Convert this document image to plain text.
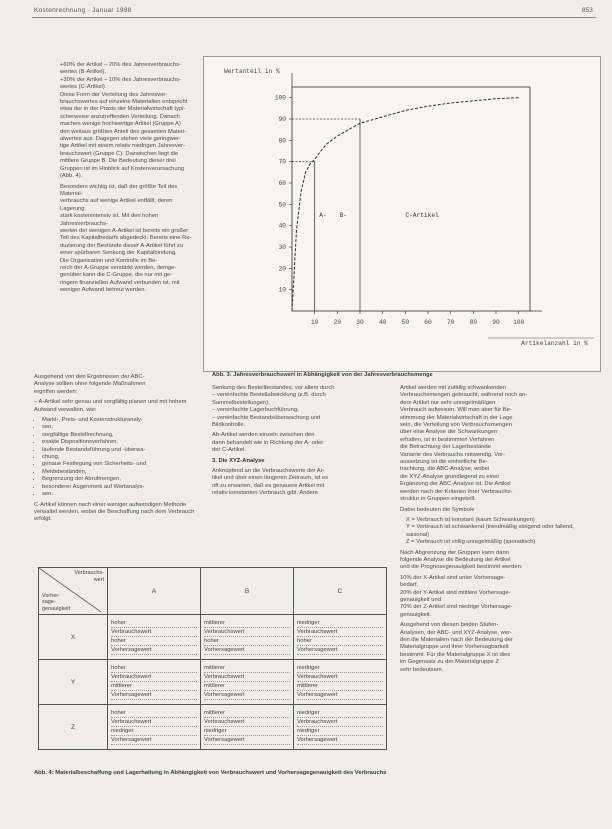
Kostenrechnung · Januar 1988	853

+60% der Artikel – 20% des Jahresverbrauchs-
wertes (B-Artikel),
+30% der Artikel – 10% des Jahresverbrauchs-
wertes (C-Artikel).
Diese Form der Verteilung des Jahresver-
brauchswertes auf einzelne Materialien entspricht
etwa der in der Praxis der Materialwirtschaft typi-
scherweise anzutreffenden Verteilung. Danach
machen wenige hochwertige Artikel (Gruppe A)
den weitaus größten Anteil des gesamten Materi-
alwertes aus. Dagegen stehen viele geringwer-
tige Artikel mit einem relativ niedrigen Jahresver-
brauchswert (Gruppe C). Dazwischen liegt die
mittlere Gruppe B. Die Bedeutung dieser drei
Gruppen ist im Hinblick auf Kostenverursachung
(Abb. 4).

Besonders wichtig ist, daß der größte Teil des Material-
verbrauchs auf wenige Artikel entfällt, deren Lagerung
stark kostenintensiv ist. Mit den hohen Jahresverbrauchs-
werten der wenigen A-Artikel ist bereits ein großer
Teil des Kapitalbedarfs abgedeckt. Bereits eine Re-
duzierung der Bestände dieser A-Artikel führt zu
einer spürbaren Senkung der Kapitalbindung.
Die Organisation und Kontrolle im Be-
reich der A-Gruppe verstärkt werden, demge-
genüber kann die C-Gruppe, die nur mit ge-
ringem finanziellen Aufwand verbunden ist, mit
weniger Aufwand betreut werden.

Ausgehend von den Ergebnissen der ABC-
Analyse sollten ohne folgende Maßnahmen
ergriffen werden:

– A-Artikel sehr genau und sorgfältig planen und mit hohem Aufwand verwalten, wie:

• Markt-, Preis- und Kostenstrukturanaly-
• sen,
• sorgfältige Bestellrechnung,
• exakte Dispositionsverfahren,
• laufende Bestandsführung und -überwa-
• chung,
• genaue Festlegung von Sicherheits- und
• Meldebeständen,
• Begrenzung der Abrufmengen,
• besonderer Augenmerk auf Wertanalys-
• sen.

C-Artikel können nach einer weniger aufwendigen Methode verwaltet werden, wobei die Beschaffung nach dem Verbrauch erfolgt.

10
20
30
40
50
60
70
80
90
100
10 20 30 40 50 60 70 80 90 100
Wertanteil in %
Artikelanzahl in %
A- B-	C-Artikel
Abb. 3: Jahresverbrauchswert in Abhängigkeit von der Jahresverbrauchsmenge

Senkung des Bestellbestandes, vor allem durch
– vereinfachte Bestellabwicklung (z.B. durch
Sammelbestellungen),
– vereinfachte Lagerbuchführung,
– vereinfachte Bestandsüberwachung und
Bildkontrolle.

Ab-Artikel werden einzeln zwischen den
dann behandelt wie in Richtung der A- oder
der C-Artikel.

3. Die XYZ-Analyse

Anknüpfend an die Verbrauchswerte der Ar-
tikel und über einen längeren Zeitraum, ist es
oft zu erwarten, daß es genauere Artikel mit
relativ konstanten Verbrauch gibt. Andere

Artikel werden mit zufällig schwankenden
Verbrauchsmengen gebraucht, während noch an-
dere Artikel nur sehr unregelmäßigen
Verbrauch aufweisen. Will man aber für Be-
stimmung der Materialwirtschaft in der Lage
sein, die Verteilung von Verbrauchsmengen
über eine Analyse der Schwankungen
erhalten, ist in bestimmten Verfahren
die Betrachtung der Lagerbestände
Variante des Verbrauchs notwendig. Vor-
aussetzung ist die einheitliche Be-
trachtung, die ABC-Analyse, wobei
die XYZ-Analyse grundlegend zu einer
Ergänzung der ABC-Analyse ist. Die Artikel
werden nach der Kriterien ihrer Verbrauchs-
struktur in Gruppen eingeteilt.

Dabei bedeuten die Symbole

X = Verbrauch ist konstant (kaum Schwankungen)
Y = Verbrauch ist schwankend (trendmäßig steigend oder fallend, saisonal)
Z = Verbrauch ist völlig unregelmäßig (sporadisch)

Nach Abgrenzung der Gruppen kann dann
folgende Analyse die Bedeutung der Artikel
und die Prognosegenauigkeit bestimmt werden:

10% der X-Artikel sind unter Vorhersage-
bedarf,
20% der Y-Artikel sind mittlere Vorhersage-
genauigkeit und
70% der Z-Artikel sind niedrige Vorhersage-
genauigkeit.

Ausgehend von diesen beiden Stufen-
Analysen, der ABC- und XYZ-Analyse, wer-
den die Materialien nach der Bedeutung der
Materialgruppe und ihrer Vorhersagbarkeit
bestimmt. Für die Materialgruppe X ist dies
im Gegensatz zu der Materialgruppe Z
sehr bedeutsam.

Verbrauchs-
wert
Vorher-
sage-
genauigkeit	A	B	C
X	hoher
Verbrauchswert
hoher
Vorhersagewert	mittlerer
Verbrauchswert
hoher
Vorhersagewert	niedriger
Verbrauchswert
hoher
Vorhersagewert

Y	hoher
Verbrauchswert
mittlerer
Vorhersagewert	mittlerer
Verbrauchswert
mittlerer
Vorhersagewert	niedriger
Verbrauchswert
mittlerer
Vorhersagewert

Z	hoher
Verbrauchswert
niedriger
Vorhersagewert	mittlerer
Verbrauchswert
niedriger
Vorhersagewert	niedriger
Verbrauchswert
niedriger
Vorhersagewert
Abb. 4: Materialbeschaffung und Lagerhaltung in Abhängigkeit von Verbrauchswert und Vorhersagegenauigkeit des Verbrauchs
